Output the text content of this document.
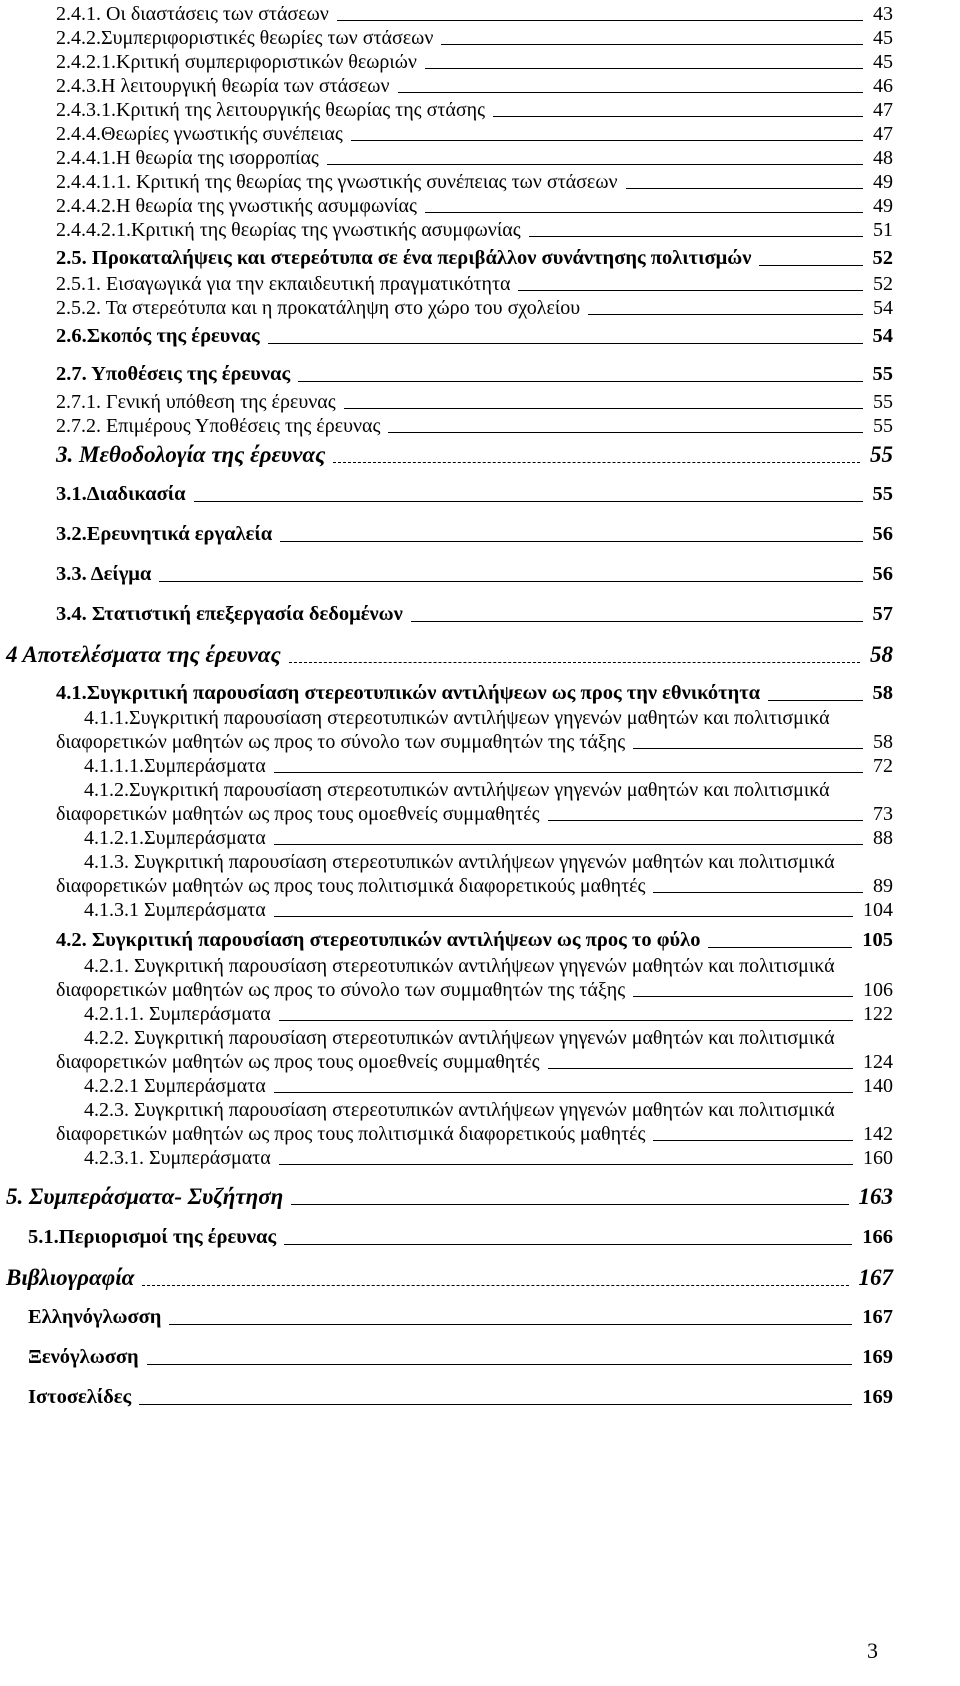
2.4.1. Οι διαστάσεις των στάσεων	43
2.4.2.Συμπεριφοριστικές θεωρίες των στάσεων	45
2.4.2.1.Κριτική συμπεριφοριστικών θεωριών	45
2.4.3.Η λειτουργική θεωρία των στάσεων	46
2.4.3.1.Κριτική της λειτουργικής θεωρίας της στάσης	47
2.4.4.Θεωρίες γνωστικής συνέπειας	47
2.4.4.1.Η θεωρία της ισορροπίας	48
2.4.4.1.1. Κριτική της θεωρίας της γνωστικής συνέπειας των στάσεων	49
2.4.4.2.Η θεωρία της γνωστικής ασυμφωνίας	49
2.4.4.2.1.Κριτική της θεωρίας της γνωστικής ασυμφωνίας	51
2.5. Προκαταλήψεις και στερεότυπα σε ένα περιβάλλον συνάντησης πολιτισμών	52
2.5.1. Εισαγωγικά για την εκπαιδευτική πραγματικότητα	52
2.5.2. Τα στερεότυπα και η προκατάληψη στο χώρο του σχολείου	54
2.6.Σκοπός της έρευνας	54
2.7. Υποθέσεις της έρευνας	55
2.7.1. Γενική υπόθεση της έρευνας	55
2.7.2. Επιμέρους Υποθέσεις της έρευνας	55
3. Μεθοδολογία της έρευνας	55
3.1.Διαδικασία	55
3.2.Ερευνητικά εργαλεία	56
3.3. Δείγμα	56
3.4. Στατιστική επεξεργασία δεδομένων	57
4 Αποτελέσματα της έρευνας	58
4.1.Συγκριτική παρουσίαση στερεοτυπικών αντιλήψεων ως προς την εθνικότητα	58
4.1.1.Συγκριτική παρουσίαση στερεοτυπικών αντιλήψεων γηγενών μαθητών και πολιτισμικά
διαφορετικών μαθητών ως προς το σύνολο των συμμαθητών της τάξης	58
4.1.1.1.Συμπεράσματα	72
4.1.2.Συγκριτική παρουσίαση στερεοτυπικών αντιλήψεων γηγενών μαθητών και πολιτισμικά
διαφορετικών μαθητών ως προς τους ομοεθνείς συμμαθητές	73
4.1.2.1.Συμπεράσματα	88
4.1.3. Συγκριτική παρουσίαση στερεοτυπικών αντιλήψεων γηγενών μαθητών και πολιτισμικά
διαφορετικών μαθητών ως προς τους πολιτισμικά διαφορετικούς μαθητές	89
4.1.3.1 Συμπεράσματα	104
4.2. Συγκριτική παρουσίαση στερεοτυπικών αντιλήψεων ως προς το φύλο	105
4.2.1. Συγκριτική παρουσίαση στερεοτυπικών αντιλήψεων γηγενών μαθητών και πολιτισμικά
διαφορετικών μαθητών ως προς το σύνολο των συμμαθητών της τάξης	106
4.2.1.1. Συμπεράσματα	122
4.2.2. Συγκριτική παρουσίαση στερεοτυπικών αντιλήψεων γηγενών μαθητών και πολιτισμικά
διαφορετικών μαθητών ως προς τους ομοεθνείς συμμαθητές	124
4.2.2.1 Συμπεράσματα	140
4.2.3. Συγκριτική παρουσίαση στερεοτυπικών αντιλήψεων γηγενών μαθητών και πολιτισμικά
διαφορετικών μαθητών ως προς τους πολιτισμικά διαφορετικούς μαθητές	142
4.2.3.1. Συμπεράσματα	160
5. Συμπεράσματα- Συζήτηση	163
5.1.Περιορισμοί της έρευνας	166
Βιβλιογραφία	167
Ελληνόγλωσση	167
Ξενόγλωσση	169
Ιστοσελίδες	169
3
